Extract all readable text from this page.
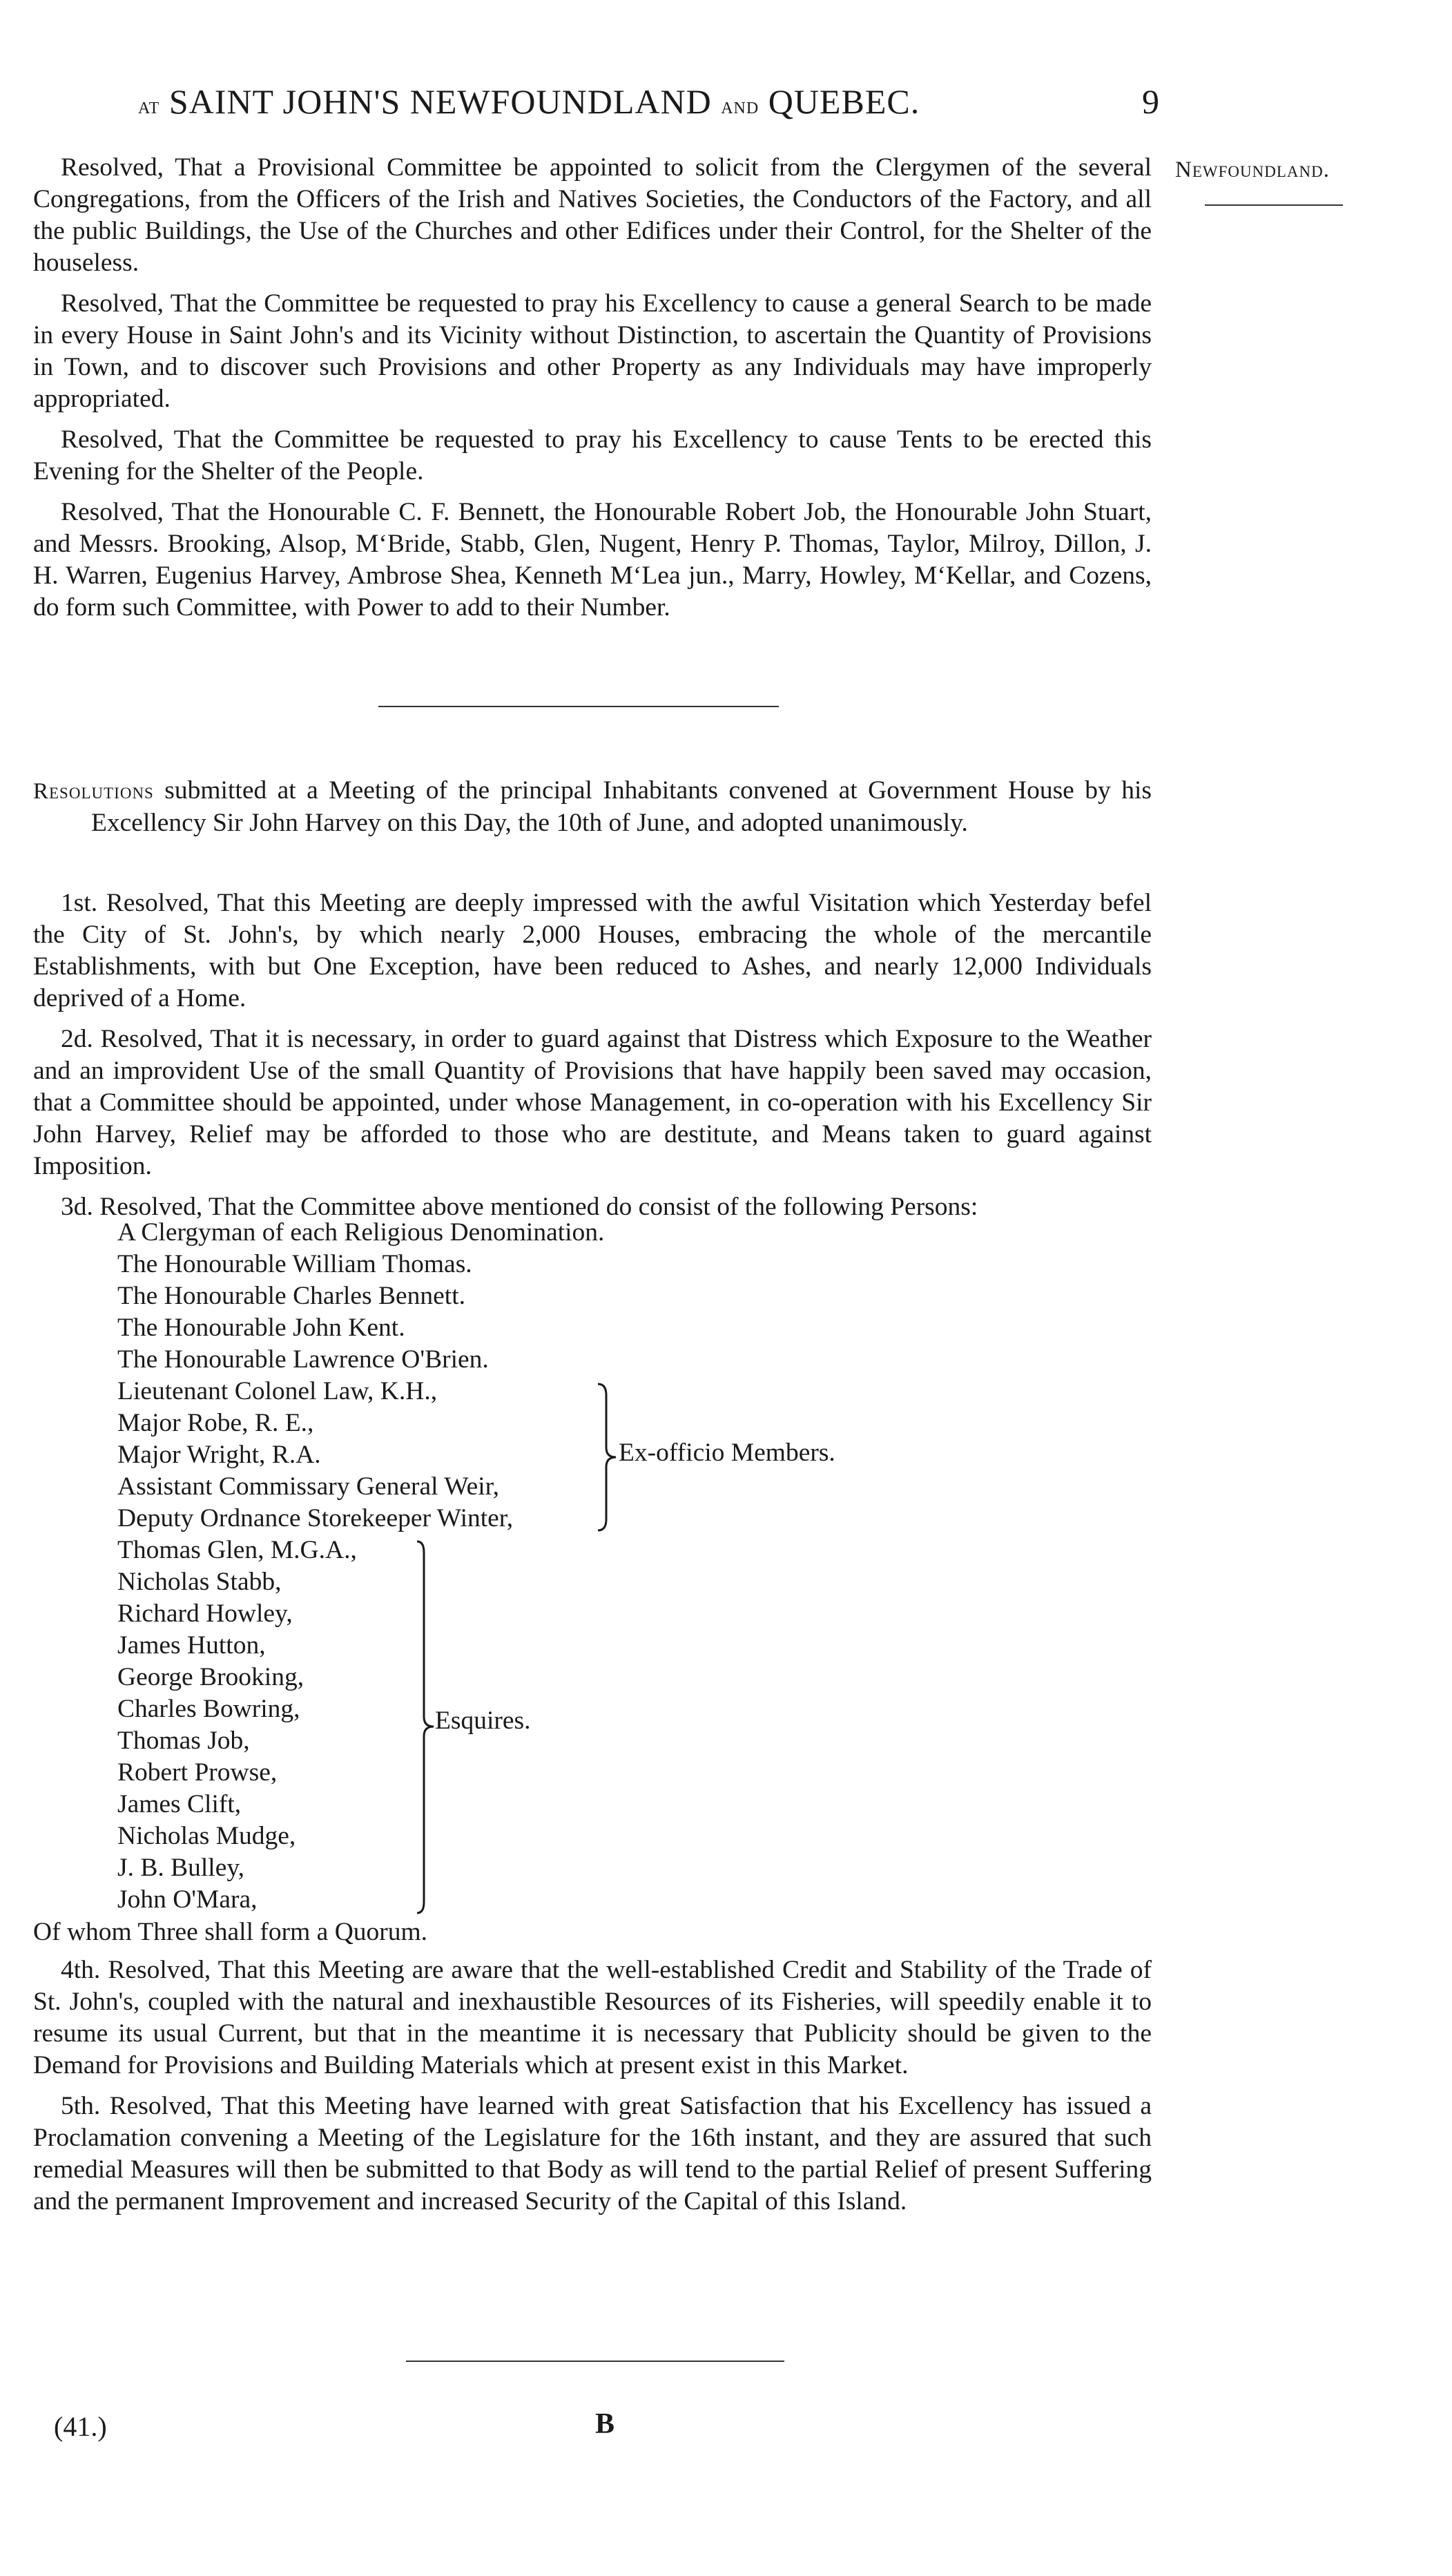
at SAINT JOHN'S NEWFOUNDLAND and QUEBEC.	9
Newfoundland.

Resolved, That a Provisional Committee be appointed to solicit from the Clergymen of the several Congregations, from the Officers of the Irish and Natives Societies, the Conductors of the Factory, and all the public Buildings, the Use of the Churches and other Edifices under their Control, for the Shelter of the houseless.

Resolved, That the Committee be requested to pray his Excellency to cause a general Search to be made in every House in Saint John's and its Vicinity without Distinction, to ascertain the Quantity of Provisions in Town, and to discover such Provisions and other Property as any Individuals may have improperly appropriated.

Resolved, That the Committee be requested to pray his Excellency to cause Tents to be erected this Evening for the Shelter of the People.

Resolved, That the Honourable C. F. Bennett, the Honourable Robert Job, the Honourable John Stuart, and Messrs. Brooking, Alsop, M‘Bride, Stabb, Glen, Nugent, Henry P. Thomas, Taylor, Milroy, Dillon, J. H. Warren, Eugenius Harvey, Ambrose Shea, Kenneth M‘Lea jun., Marry, Howley, M‘Kellar, and Cozens, do form such Committee, with Power to add to their Number.

Resolutions submitted at a Meeting of the principal Inhabitants convened at Government House by his Excellency Sir John Harvey on this Day, the 10th of June, and adopted unanimously.

1st. Resolved, That this Meeting are deeply impressed with the awful Visitation which Yesterday befel the City of St. John's, by which nearly 2,000 Houses, embracing the whole of the mercantile Establishments, with but One Exception, have been reduced to Ashes, and nearly 12,000 Individuals deprived of a Home.

2d. Resolved, That it is necessary, in order to guard against that Distress which Exposure to the Weather and an improvident Use of the small Quantity of Provisions that have happily been saved may occasion, that a Committee should be appointed, under whose Management, in co-operation with his Excellency Sir John Harvey, Relief may be afforded to those who are destitute, and Means taken to guard against Imposition.

3d. Resolved, That the Committee above mentioned do consist of the following Persons:

A Clergyman of each Religious Denomination.
The Honourable William Thomas.
The Honourable Charles Bennett.
The Honourable John Kent.
The Honourable Lawrence O'Brien.
Lieutenant Colonel Law, K.H.,
Major Robe, R. E.,
Major Wright, R.A.
Assistant Commissary General Weir,
Deputy Ordnance Storekeeper Winter,
Thomas Glen, M.G.A.,
Nicholas Stabb,
Richard Howley,
James Hutton,
George Brooking,
Charles Bowring,
Thomas Job,
Robert Prowse,
James Clift,
Nicholas Mudge,
J. B. Bulley,
John O'Mara,
Ex-officio Members.
Esquires.
Of whom Three shall form a Quorum.

4th. Resolved, That this Meeting are aware that the well-established Credit and Stability of the Trade of St. John's, coupled with the natural and inexhaustible Resources of its Fisheries, will speedily enable it to resume its usual Current, but that in the meantime it is necessary that Publicity should be given to the Demand for Provisions and Building Materials which at present exist in this Market.

5th. Resolved, That this Meeting have learned with great Satisfaction that his Excellency has issued a Proclamation convening a Meeting of the Legislature for the 16th instant, and they are assured that such remedial Measures will then be submitted to that Body as will tend to the partial Relief of present Suffering and the permanent Improvement and increased Security of the Capital of this Island.

(41.)	B
